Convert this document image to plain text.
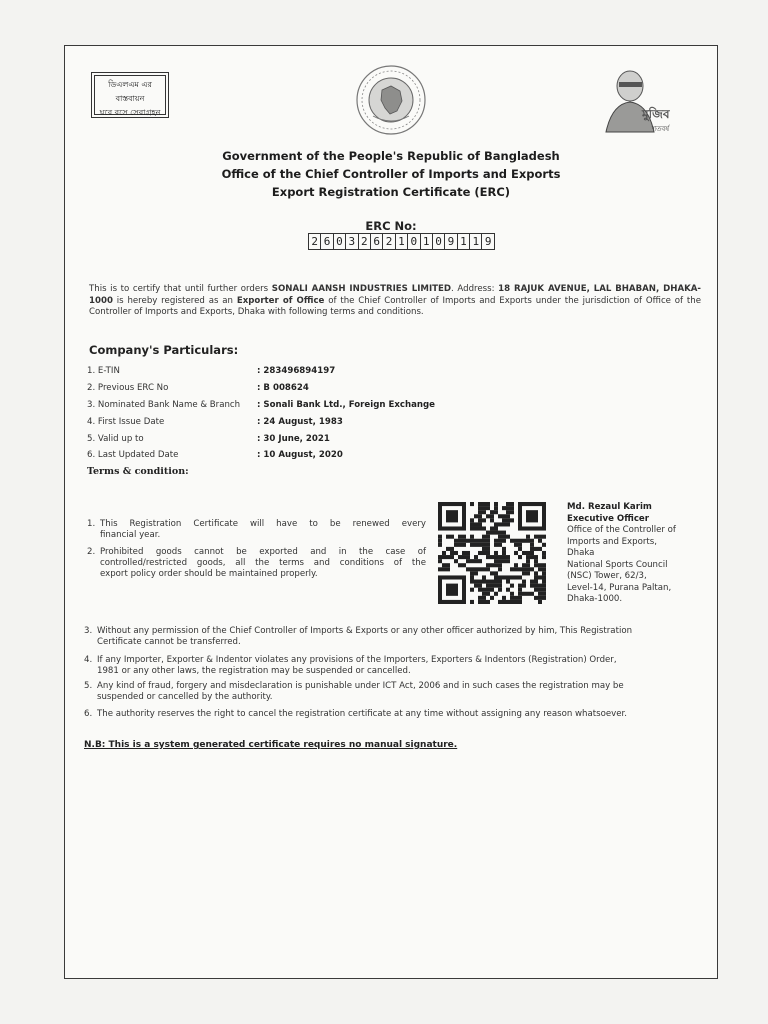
ডিএলএম এর বাস্তবায়ন
ঘরে বসে সেবাগ্রহন	মুজিব
শতবর্ষ
Government of the People's Republic of Bangladesh
Office of the Chief Controller of Imports and Exports
Export Registration Certificate (ERC)
ERC No:
2 6 0 3 2 6 2 1 0 1 0 9 1 1 9
This is to certify that until further orders SONALI AANSH INDUSTRIES LIMITED. Address: 18 RAJUK AVENUE, LAL BHABAN, DHAKA-1000 is hereby registered as an Exporter of Office of the Chief Controller of Imports and Exports under the jurisdiction of Office of the Controller of Imports and Exports, Dhaka with following terms and conditions.
Company's Particulars:
1. E-TIN	: 283496894197
2. Previous ERC No	: B 008624
3. Nominated Bank Name & Branch	: Sonali Bank Ltd., Foreign Exchange
4. First Issue Date	: 24 August, 1983
5. Valid up to	: 30 June, 2021
6. Last Updated Date	: 10 August, 2020
Terms & condition:
1. This Registration Certificate will have to be renewed every
financial year.
2. Prohibited goods cannot be exported and in the case of
controlled/restricted goods, all the terms and conditions of the
export policy order should be maintained properly.
Md. Rezaul Karim
Executive Officer
Office of the Controller of
Imports and Exports,
Dhaka
National Sports Council
(NSC) Tower, 62/3,
Level-14, Purana Paltan,
Dhaka-1000.
3. Without any permission of the Chief Controller of Imports & Exports or any other officer authorized by him, This Registration
Certificate cannot be transferred.
4. If any Importer, Exporter & Indentor violates any provisions of the Importers, Exporters & Indentors (Registration) Order,
1981 or any other laws, the registration may be suspended or cancelled.
5. Any kind of fraud, forgery and misdeclaration is punishable under ICT Act, 2006 and in such cases the registration may be
suspended or cancelled by the authority.
6. The authority reserves the right to cancel the registration certificate at any time without assigning any reason whatsoever.
N.B: This is a system generated certificate requires no manual signature.
